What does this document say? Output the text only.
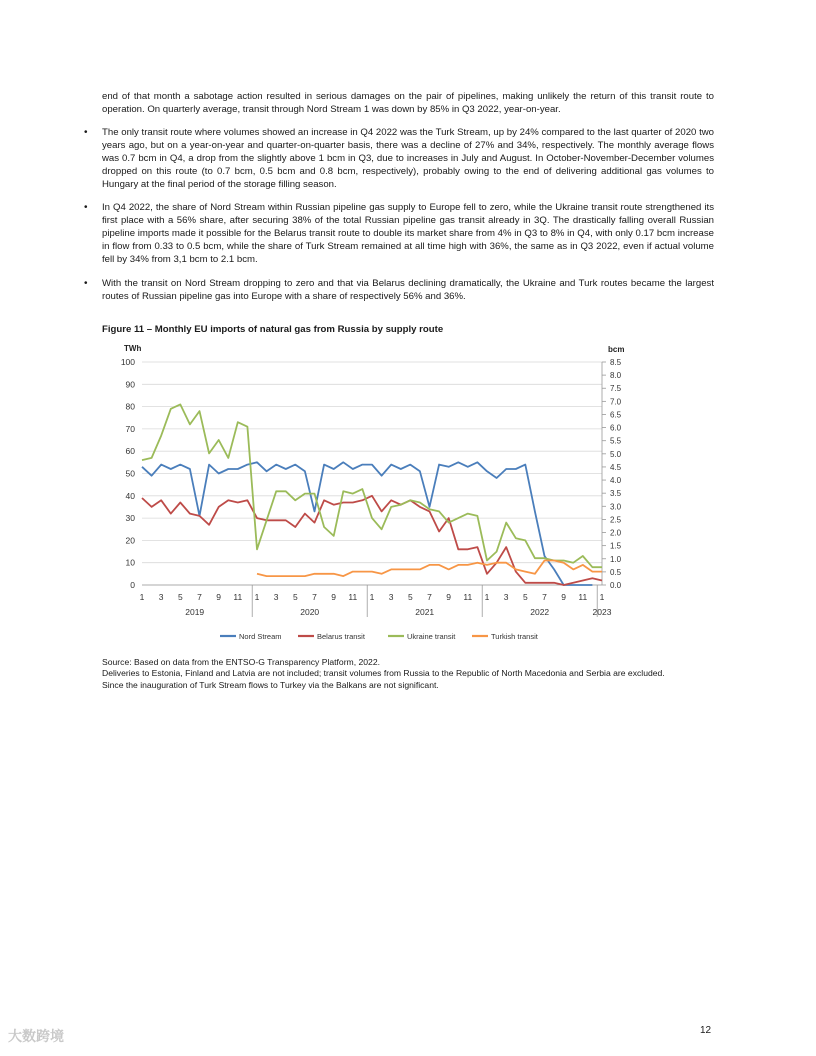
end of that month a sabotage action resulted in serious damages on the pair of pipelines, making unlikely the return of this transit route to operation. On quarterly average, transit through Nord Stream 1 was down by 85% in Q3 2022, year-on-year.

• The only transit route where volumes showed an increase in Q4 2022 was the Turk Stream, up by 24% compared to the last quarter of 2020 two years ago, but on a year-on-year and quarter-on-quarter basis, there was a decline of 27% and 34%, respectively. The monthly average flows was 0.7 bcm in Q4, a drop from the slightly above 1 bcm in Q3, due to increases in July and August. In October-November-December volumes dropped on this route (to 0.7 bcm, 0.5 bcm and 0.8 bcm, respectively), probably owing to the end of delivering additional gas volumes to Hungary at the final period of the storage filling season.
• In Q4 2022, the share of Nord Stream within Russian pipeline gas supply to Europe fell to zero, while the Ukraine transit route strengthened its first place with a 56% share, after securing 38% of the total Russian pipeline gas transit already in 3Q. The drastically falling overall Russian pipeline imports made it possible for the Belarus transit route to double its market share from 4% in Q3 to 8% in Q4, with only 0.17 bcm increase in flow from 0.33 to 0.5 bcm, while the share of Turk Stream remained at all time high with 36%, the same as in Q3 2022, even if actual volume fell by 34% from 3,1 bcm to 2.1 bcm.
• With the transit on Nord Stream dropping to zero and that via Belarus declining dramatically, the Ukraine and Turk routes became the largest routes of Russian pipeline gas into Europe with a share of respectively 56% and 36%.
Figure 11 – Monthly EU imports of natural gas from Russia by supply route
0
10
20
30
40
50
60
70
80
90
100
0.0
0.5
1.0
1.5
2.0
2.5
3.0
3.5
4.0
4.5
5.0
5.5
6.0
6.5
7.0
7.5
8.0
8.5
TWh	bcm
1 3 5 7 9 11 1 3 5 7 9 11 1 3 5 7 9 11 1 3 5 7 9 11 1
2019	2020	2021	2022	2023
Nord Stream	Belarus transit	Ukraine transit	Turkish transit

Source: Based on data from the ENTSO-G Transparency Platform, 2022.

Deliveries to Estonia, Finland and Latvia are not included; transit volumes from Russia to the Republic of North Macedonia and Serbia are excluded.

Since the inauguration of Turk Stream flows to Turkey via the Balkans are not significant.

12
大数跨境
